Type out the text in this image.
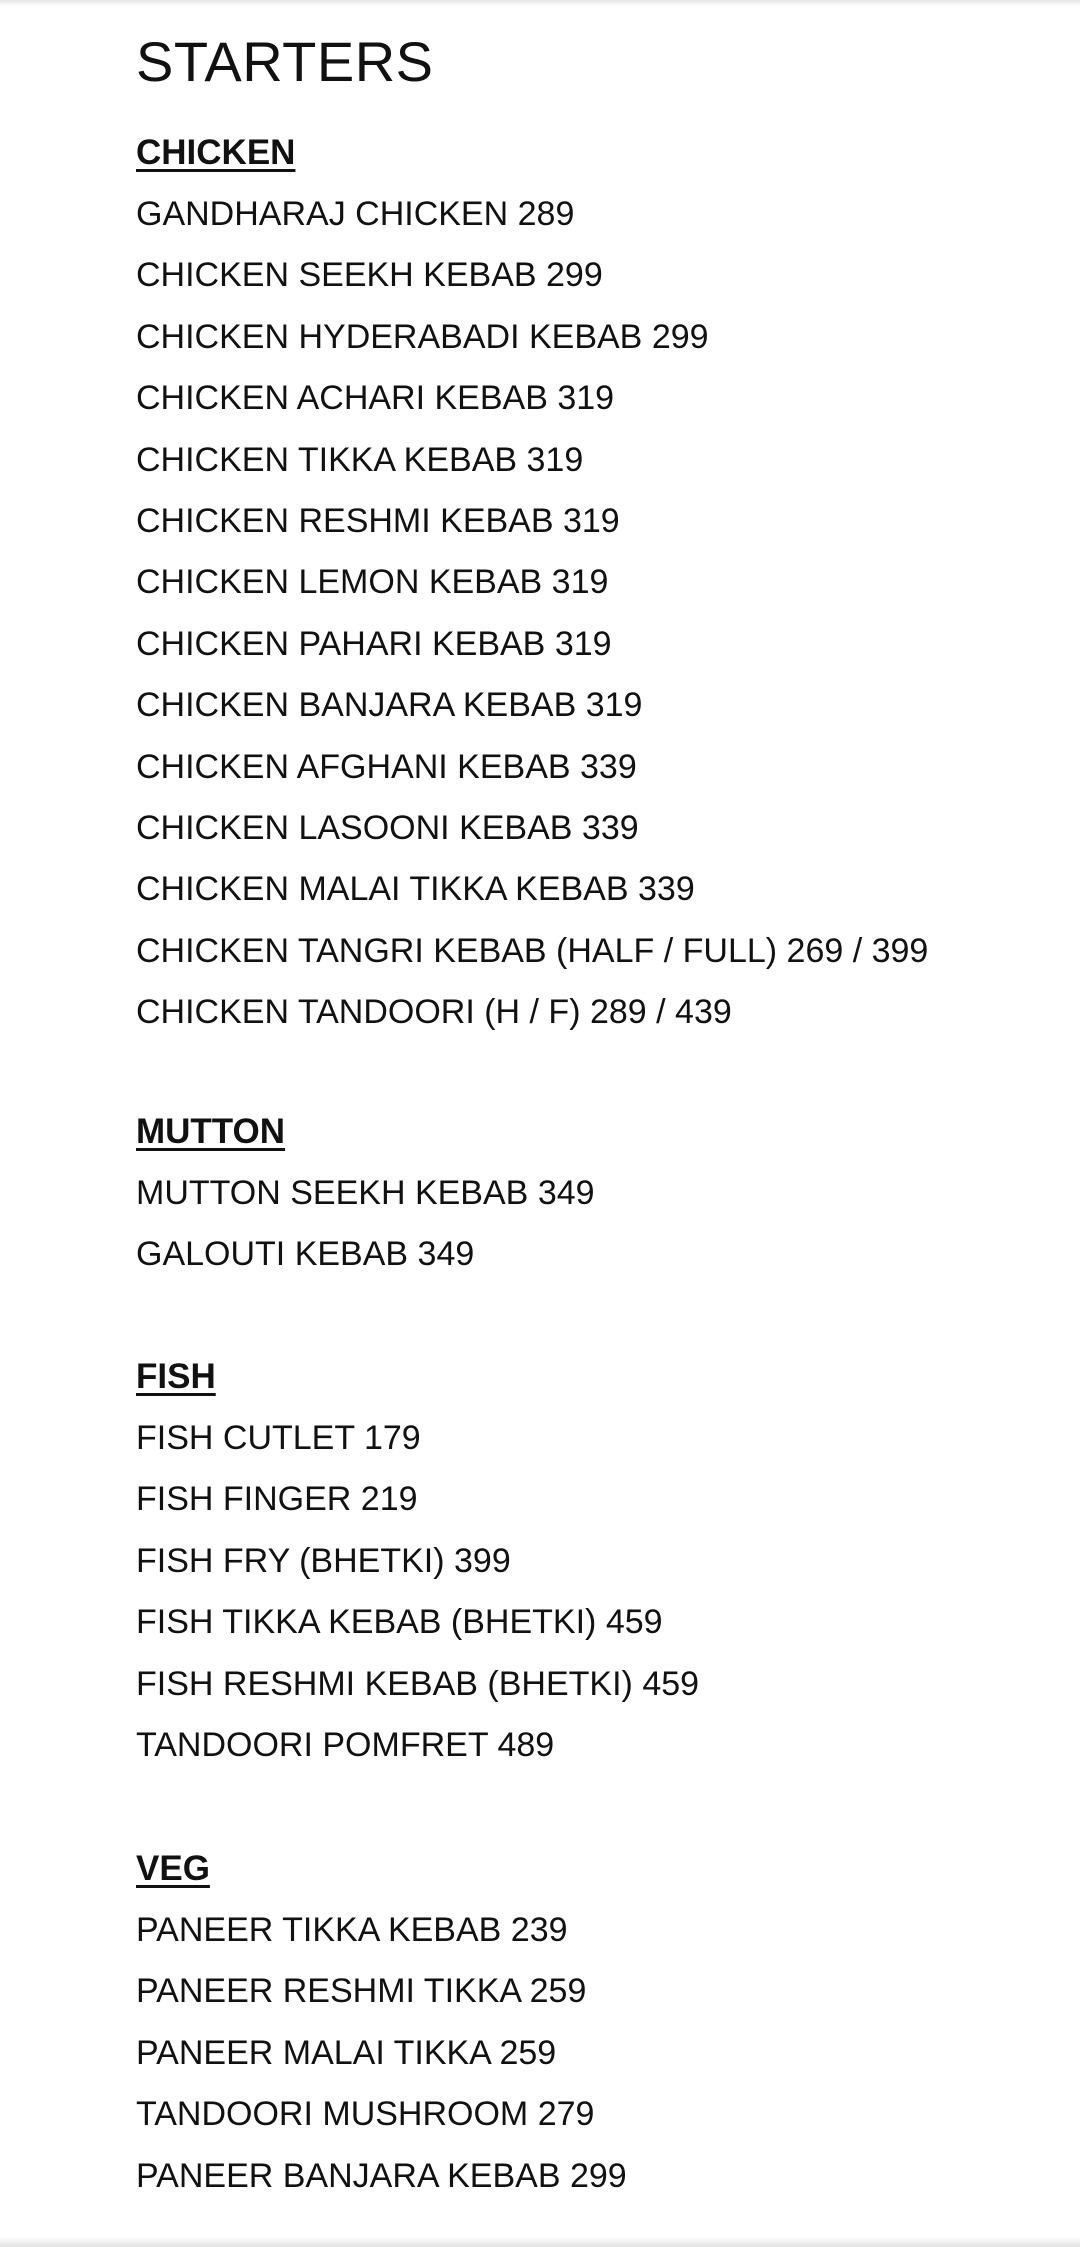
STARTERS
CHICKEN
GANDHARAJ CHICKEN 289
CHICKEN SEEKH KEBAB 299
CHICKEN HYDERABADI KEBAB 299
CHICKEN ACHARI KEBAB 319
CHICKEN TIKKA KEBAB 319
CHICKEN RESHMI KEBAB 319
CHICKEN LEMON KEBAB 319
CHICKEN PAHARI KEBAB 319
CHICKEN BANJARA KEBAB 319
CHICKEN AFGHANI KEBAB 339
CHICKEN LASOONI KEBAB 339
CHICKEN MALAI TIKKA KEBAB 339
CHICKEN TANGRI KEBAB (HALF / FULL) 269 / 399
CHICKEN TANDOORI (H / F) 289 / 439
MUTTON
MUTTON SEEKH KEBAB 349
GALOUTI KEBAB 349
FISH
FISH CUTLET 179
FISH FINGER 219
FISH FRY (BHETKI) 399
FISH TIKKA KEBAB (BHETKI) 459
FISH RESHMI KEBAB (BHETKI) 459
TANDOORI POMFRET 489
VEG
PANEER TIKKA KEBAB 239
PANEER RESHMI TIKKA 259
PANEER MALAI TIKKA 259
TANDOORI MUSHROOM 279
PANEER BANJARA KEBAB 299
